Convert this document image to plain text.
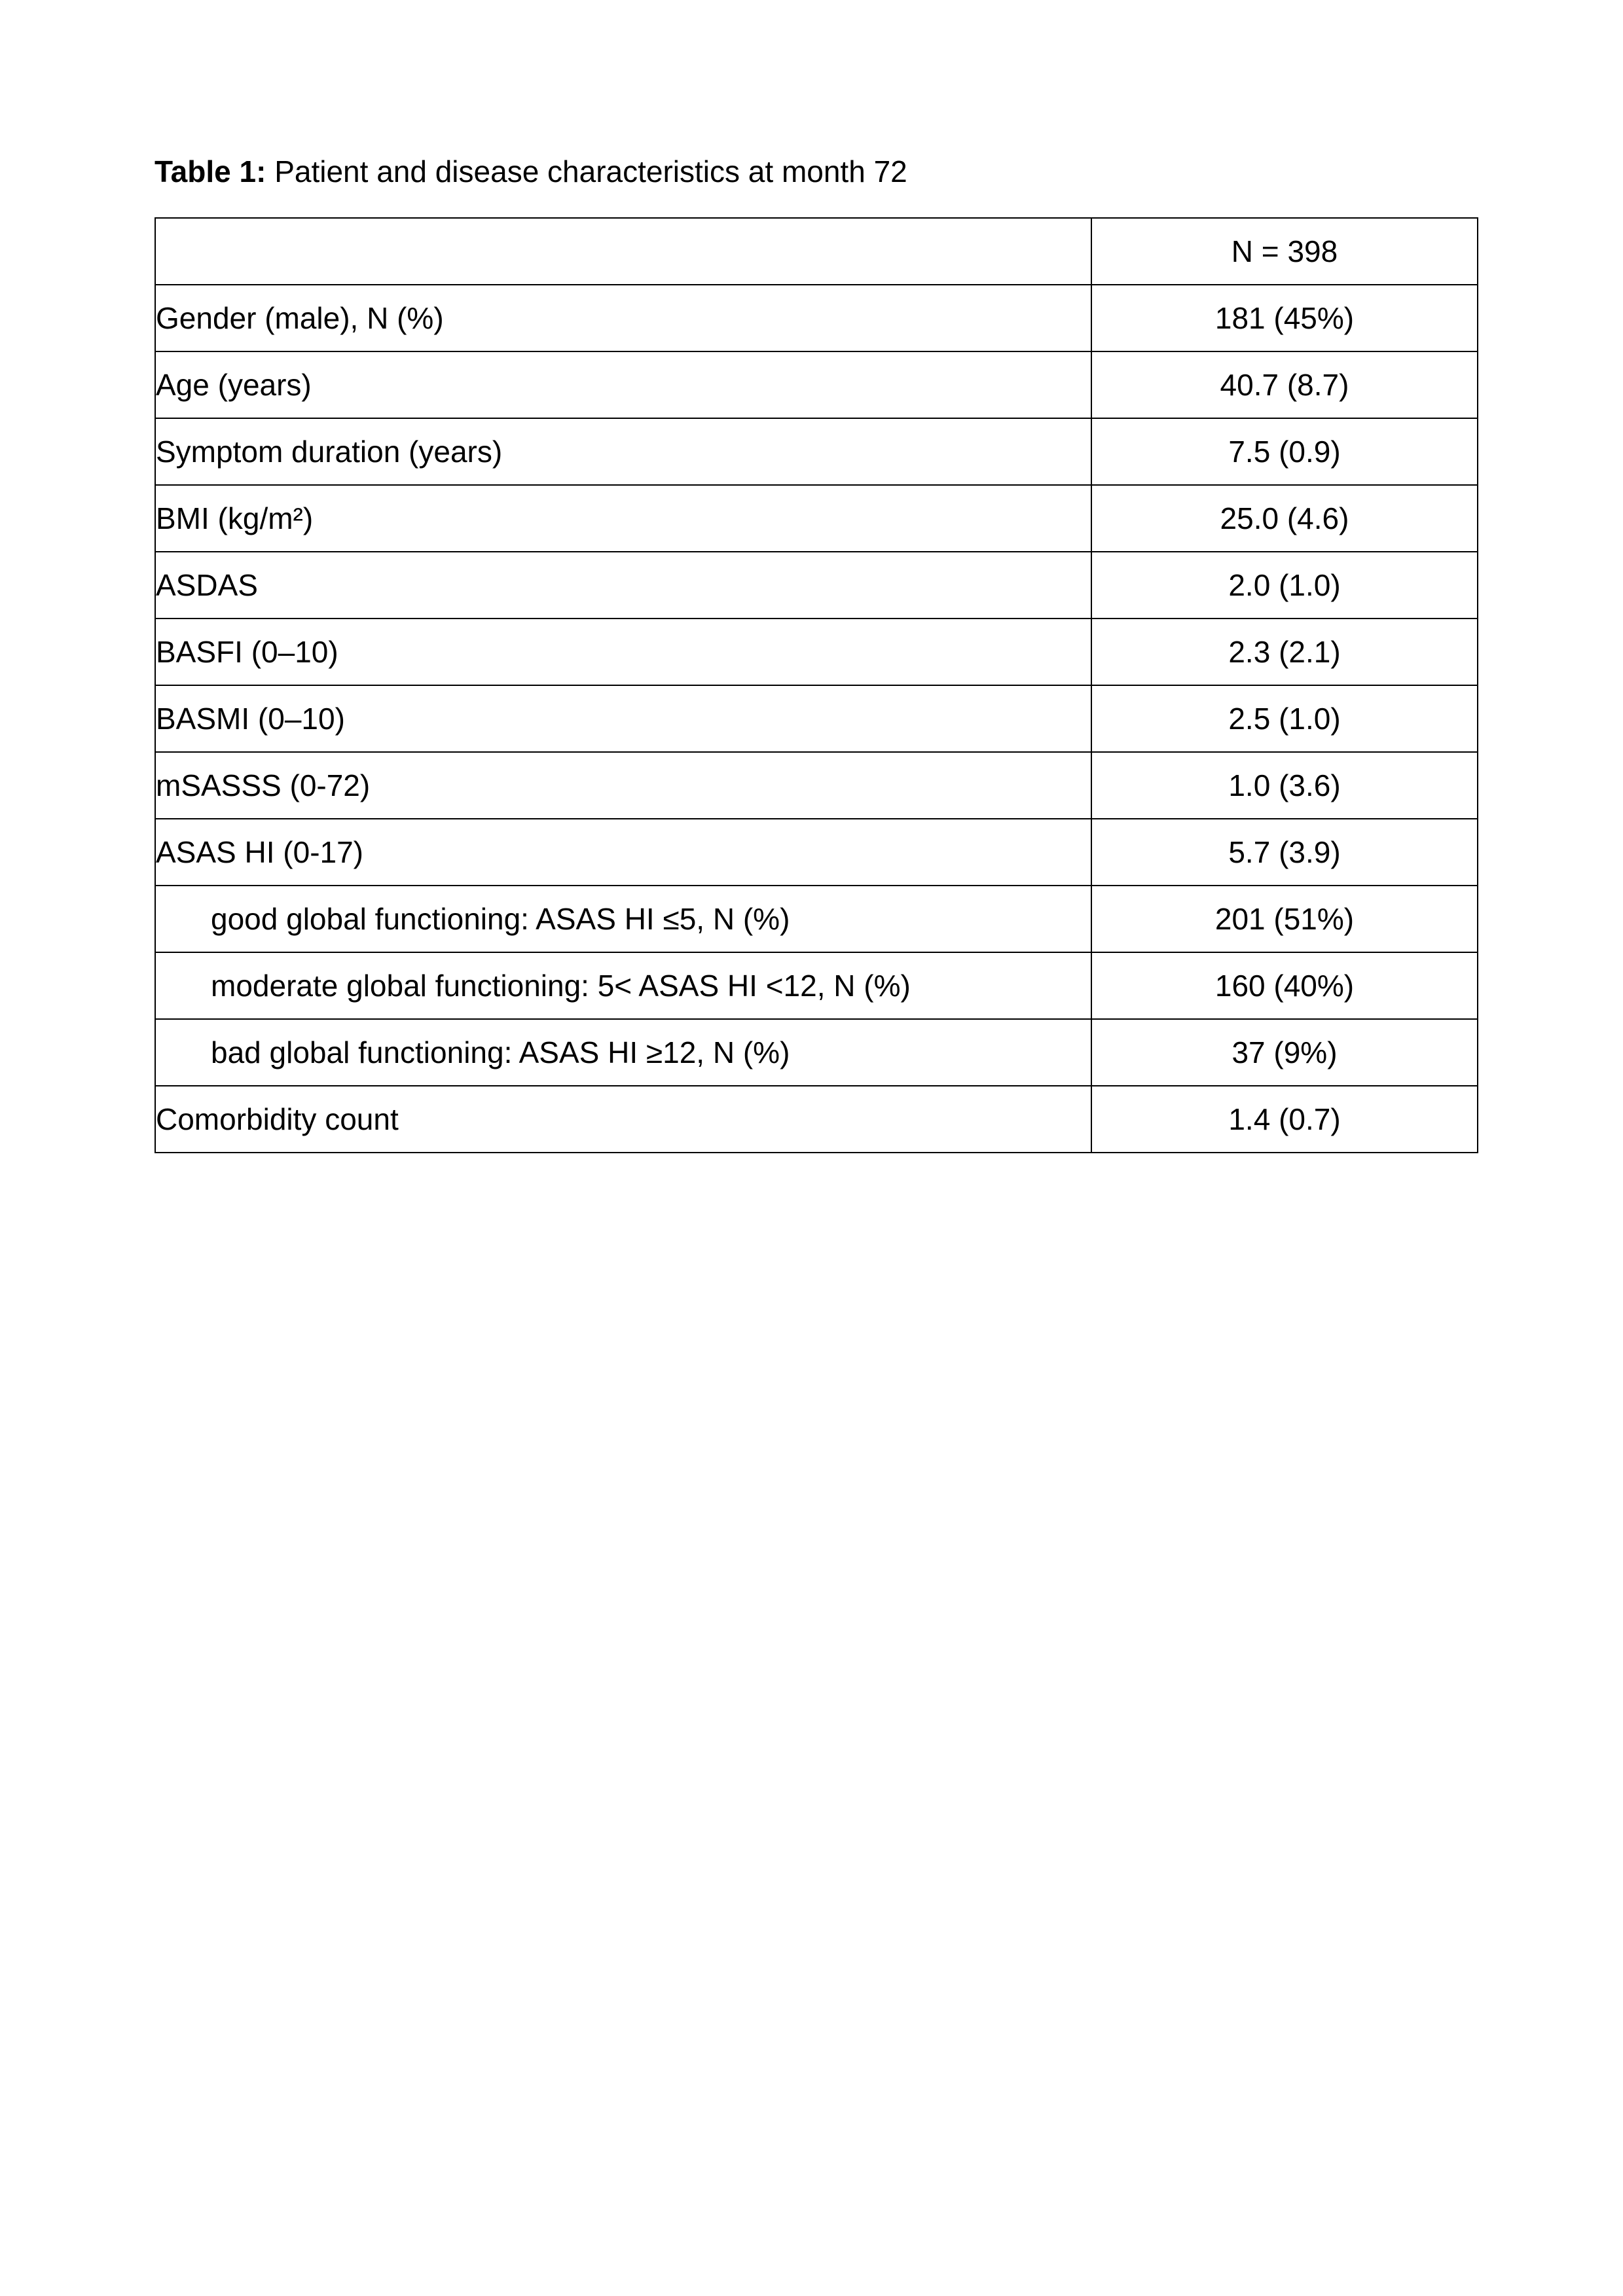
Table 1: Patient and disease characteristics at month 72
	N = 398
Gender (male), N (%)	181 (45%)
Age (years)	40.7 (8.7)
Symptom duration (years)	7.5 (0.9)
BMI (kg/m²)	25.0 (4.6)
ASDAS	2.0 (1.0)
BASFI (0–10)	2.3 (2.1)
BASMI (0–10)	2.5 (1.0)
mSASSS (0-72)	1.0 (3.6)
ASAS HI (0-17)	5.7 (3.9)
good global functioning: ASAS HI ≤5, N (%)	201 (51%)
moderate global functioning: 5< ASAS HI <12, N (%)	160 (40%)
bad global functioning: ASAS HI ≥12, N (%)	37 (9%)
Comorbidity count	1.4 (0.7)
